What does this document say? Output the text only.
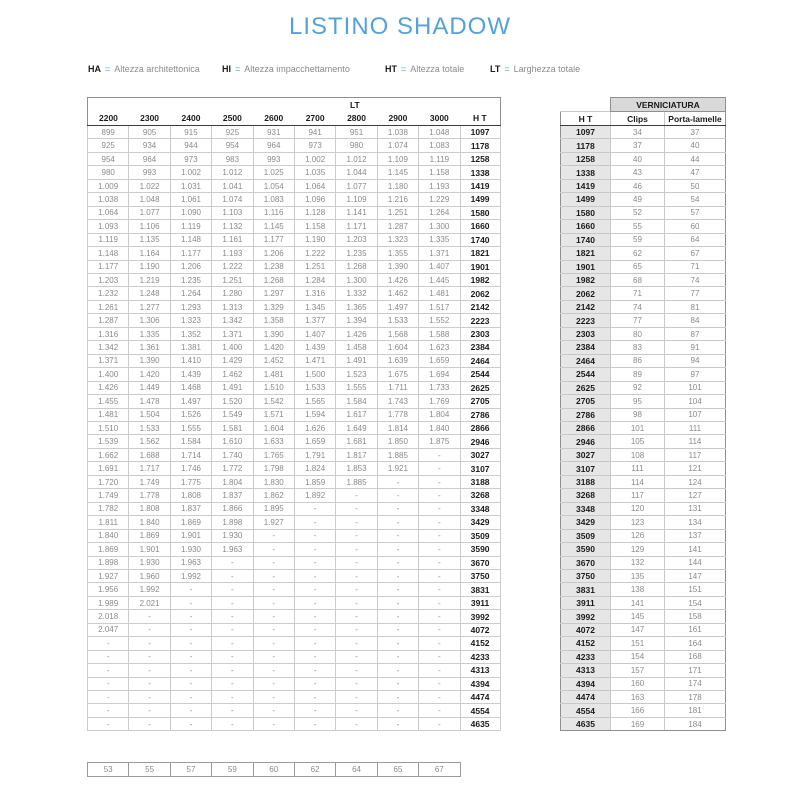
LISTINO SHADOW
HA = Altezza architettonica HI = Altezza impacchettamento	HT = Altezza totale	LT = Larghezza totale
LT									
2200	2300	2400	2500	2600	2700	2800	2900	3000	H T
899	905	915	925	931	941	951	1.038	1.048	1097
925	934	944	954	964	973	980	1.074	1.083	1178
954	964	973	983	993	1.002	1.012	1.109	1.119	1258
980	993	1.002	1.012	1.025	1.035	1.044	1.145	1.158	1338
1.009	1.022	1.031	1.041	1.054	1.064	1.077	1.180	1.193	1419
1.038	1.048	1.061	1.074	1.083	1.096	1.109	1.216	1.229	1499
1.064	1.077	1.090	1.103	1.116	1.128	1.141	1.251	1.264	1580
1.093	1.106	1.119	1.132	1.145	1.158	1.171	1.287	1.300	1660
1.119	1.135	1.148	1.161	1.177	1.190	1.203	1.323	1.335	1740
1.148	1.164	1.177	1.193	1.206	1.222	1.235	1.355	1.371	1821
1.177	1.190	1.206	1.222	1.238	1.251	1.268	1.390	1.407	1901
1.203	1.219	1.235	1.251	1.268	1.284	1.300	1.426	1.445	1982
1.232	1.248	1.264	1.280	1.297	1.316	1.332	1.462	1.481	2062
1.261	1.277	1.293	1.313	1.329	1.345	1.365	1.497	1.517	2142
1.287	1.306	1.323	1.342	1.358	1.377	1.394	1.533	1.552	2223
1.316	1.335	1.352	1.371	1.390	1.407	1.426	1.568	1.588	2303
1.342	1.361	1.381	1.400	1.420	1.439	1.458	1.604	1.623	2384
1.371	1.390	1.410	1.429	1.452	1.471	1.491	1.639	1.659	2464
1.400	1.420	1.439	1.462	1.481	1.500	1.523	1.675	1.694	2544
1.426	1.449	1.468	1.491	1.510	1.533	1.555	1.711	1.733	2625
1.455	1.478	1.497	1.520	1.542	1.565	1.584	1.743	1.769	2705
1.481	1.504	1.526	1.549	1.571	1.594	1.617	1.778	1.804	2786
1.510	1.533	1.555	1.581	1.604	1.626	1.649	1.814	1.840	2866
1.539	1.562	1.584	1.610	1.633	1.659	1.681	1.850	1.875	2946
1.662	1.688	1.714	1.740	1.765	1.791	1.817	1.885	-	3027
1.691	1.717	1.746	1.772	1.798	1.824	1.853	1.921	-	3107
1.720	1.749	1.775	1.804	1.830	1.859	1.885	-	-	3188
1.749	1.778	1.808	1.837	1.862	1.892	-	-	-	3268
1.782	1.808	1.837	1.866	1.895	-	-	-	-	3348
1.811	1.840	1.869	1.898	1.927	-	-	-	-	3429
1.840	1.869	1.901	1.930	-	-	-	-	-	3509
1.869	1.901	1.930	1.963	-	-	-	-	-	3590
1.898	1.930	1.963	-	-	-	-	-	-	3670
1.927	1.960	1.992	-	-	-	-	-	-	3750
1.956	1.992	-	-	-	-	-	-	-	3831
1.989	2.021	-	-	-	-	-	-	-	3911
2.018	-	-	-	-	-	-	-	-	3992
2.047	-	-	-	-	-	-	-	-	4072
-	-	-	-	-	-	-	-	-	4152
-	-	-	-	-	-	-	-	-	4233
-	-	-	-	-	-	-	-	-	4313
-	-	-	-	-	-	-	-	-	4394
-	-	-	-	-	-	-	-	-	4474
-	-	-	-	-	-	-	-	-	4554
-	-	-	-	-	-	-	-	-	4635
	VERNICIATURA	
H T	Clips	Porta-lamelle
1097	34	37
1178	37	40
1258	40	44
1338	43	47
1419	46	50
1499	49	54
1580	52	57
1660	55	60
1740	59	64
1821	62	67
1901	65	71
1982	68	74
2062	71	77
2142	74	81
2223	77	84
2303	80	87
2384	83	91
2464	86	94
2544	89	97
2625	92	101
2705	95	104
2786	98	107
2866	101	111
2946	105	114
3027	108	117
3107	111	121
3188	114	124
3268	117	127
3348	120	131
3429	123	134
3509	126	137
3590	129	141
3670	132	144
3750	135	147
3831	138	151
3911	141	154
3992	145	158
4072	147	161
4152	151	164
4233	154	168
4313	157	171
4394	160	174
4474	163	178
4554	166	181
4635	169	184
53	55	57	59	60	62	64	65	67
